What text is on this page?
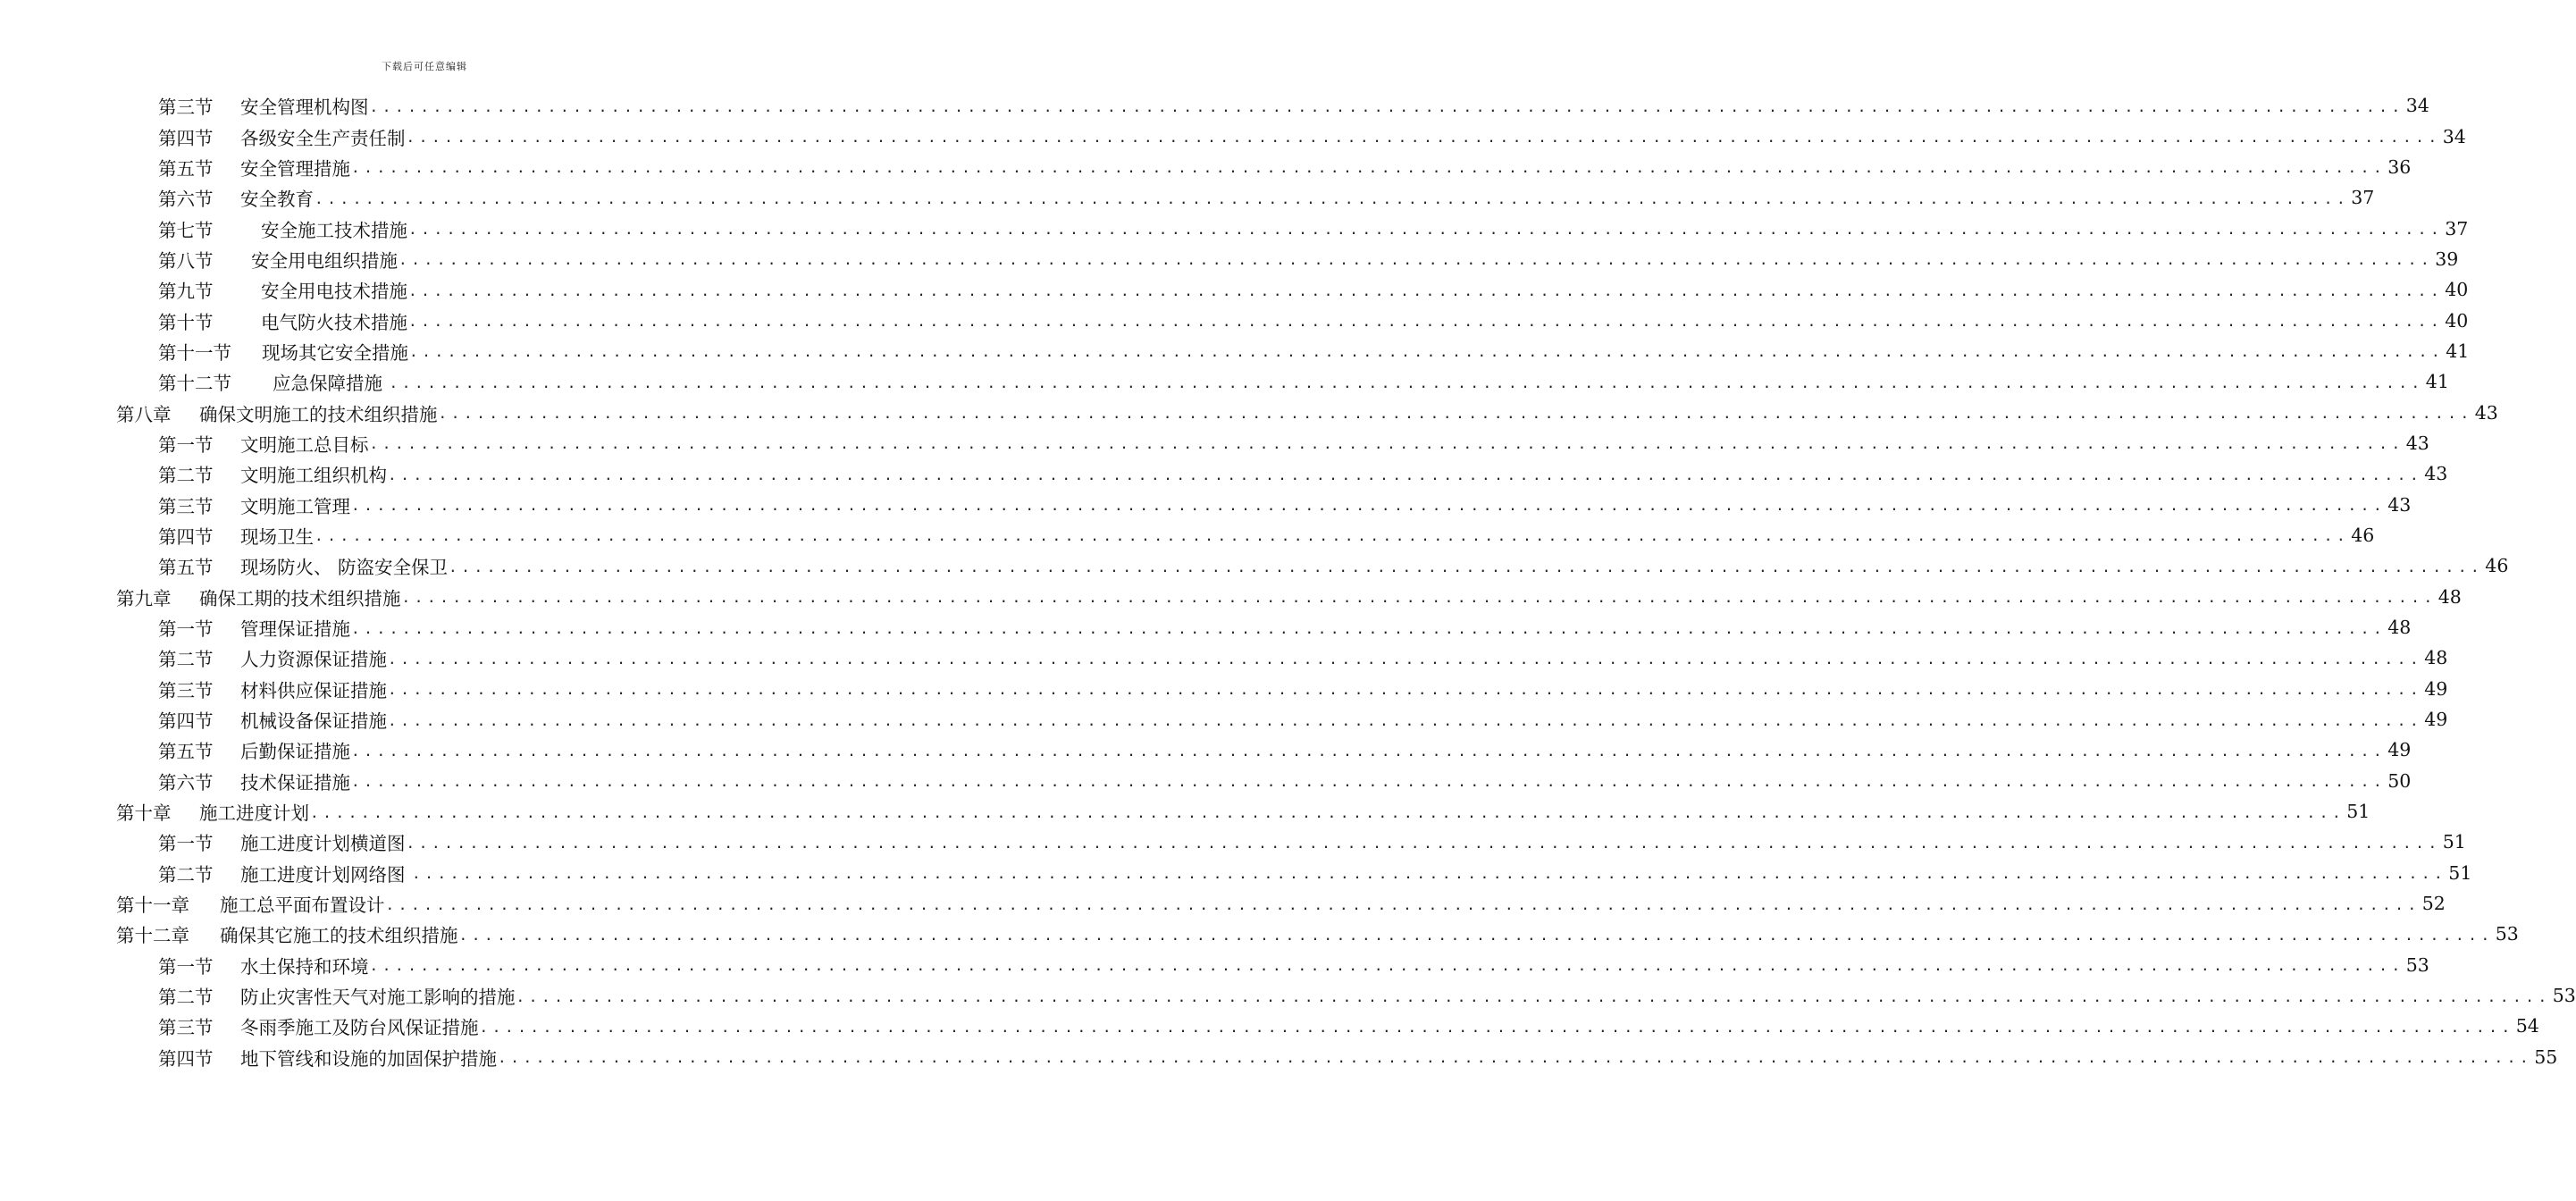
下载后可任意编辑
第三节	安全管理机构图 ................................................................................................................................................................ 34
第四节	各级安全生产责任制 ................................................................................................................................................................ 34
第五节	安全管理措施 ................................................................................................................................................................ 36
第六节	安全教育 ................................................................................................................................................................ 37
第七节	安全施工技术措施 ................................................................................................................................................................ 37
第八节	安全用电组织措施 ................................................................................................................................................................ 39
第九节	安全用电技术措施 ................................................................................................................................................................ 40
第十节	电气防火技术措施 ................................................................................................................................................................ 40
第十一节	现场其它安全措施 ................................................................................................................................................................ 41
第十二节	应急保障措施 ................................................................................................................................................................ 41
第八章	确保文明施工的技术组织措施 ................................................................................................................................................................ 43
第一节	文明施工总目标 ................................................................................................................................................................ 43
第二节	文明施工组织机构 ................................................................................................................................................................ 43
第三节	文明施工管理 ................................................................................................................................................................ 43
第四节	现场卫生 ................................................................................................................................................................ 46
第五节	现场防火、 防盗安全保卫 ................................................................................................................................................................ 46
第九章	确保工期的技术组织措施 ................................................................................................................................................................ 48
第一节	管理保证措施 ................................................................................................................................................................ 48
第二节	人力资源保证措施 ................................................................................................................................................................ 48
第三节	材料供应保证措施 ................................................................................................................................................................ 49
第四节	机械设备保证措施 ................................................................................................................................................................ 49
第五节	后勤保证措施 ................................................................................................................................................................ 49
第六节	技术保证措施 ................................................................................................................................................................ 50
第十章	施工进度计划 ................................................................................................................................................................ 51
第一节	施工进度计划横道图 ................................................................................................................................................................ 51
第二节	施工进度计划网络图 ................................................................................................................................................................ 51
第十一章	施工总平面布置设计 ................................................................................................................................................................ 52
第十二章	确保其它施工的技术组织措施 ................................................................................................................................................................ 53
第一节	水土保持和环境 ................................................................................................................................................................ 53
第二节	防止灾害性天气对施工影响的措施 ................................................................................................................................................................ 53
第三节	冬雨季施工及防台风保证措施 ................................................................................................................................................................ 54
第四节	地下管线和设施的加固保护措施 ................................................................................................................................................................ 55
